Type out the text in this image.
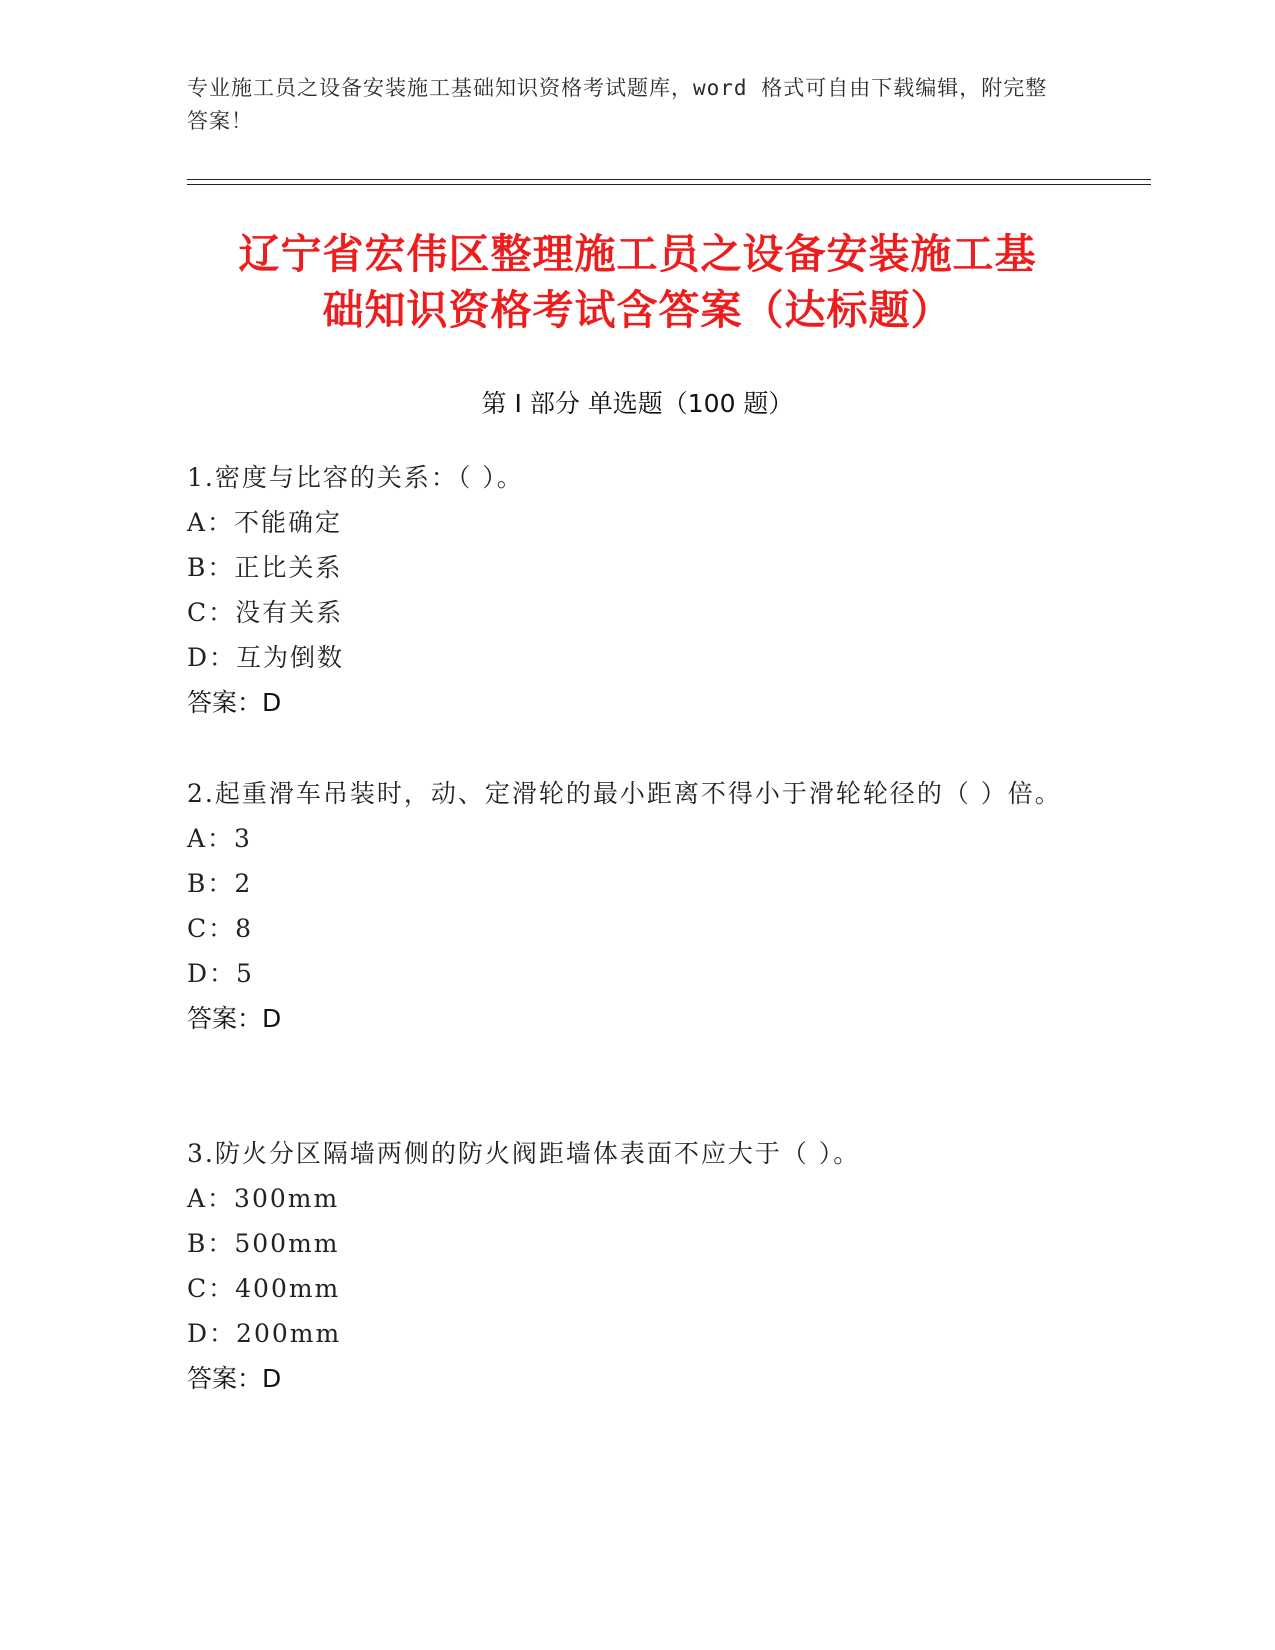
专业施工员之设备安装施工基础知识资格考试题库，word 格式可自由下载编辑，附完整答案！
辽宁省宏伟区整理施工员之设备安装施工基
础知识资格考试含答案（达标题）
第 I 部分 单选题（100 题）
1.密度与比容的关系：（ ）。
A：不能确定
B：正比关系
C：没有关系
D：互为倒数
答案：D
2.起重滑车吊装时，动、定滑轮的最小距离不得小于滑轮轮径的（ ）倍。
A：3
B：2
C：8
D：5
答案：D
3.防火分区隔墙两侧的防火阀距墙体表面不应大于（ ）。
A：300mm
B：500mm
C：400mm
D：200mm
答案：D
